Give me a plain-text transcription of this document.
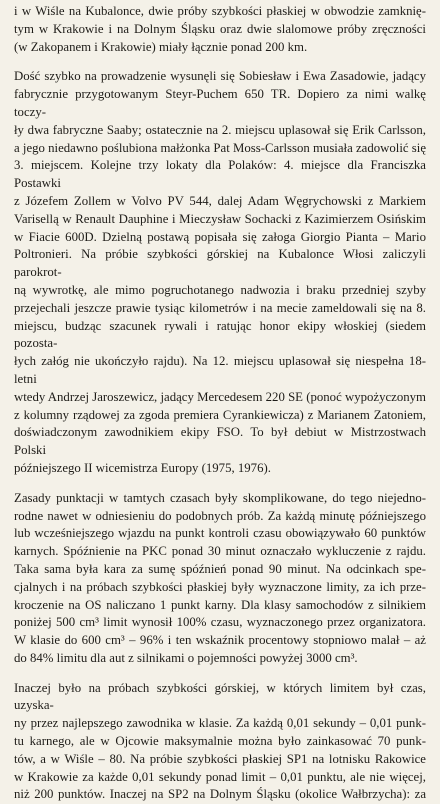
i w Wiśle na Kubalonce, dwie próby szybkości płaskiej w obwodzie zamknię-
tym w Krakowie i na Dolnym Śląsku oraz dwie slalomowe próby zręczności
(w Zakopanem i Krakowie) miały łącznie ponad 200 km.
Dość szybko na prowadzenie wysunęli się Sobiesław i Ewa Zasadowie, jadący
fabrycznie przygotowanym Steyr-Puchem 650 TR. Dopiero za nimi walkę toczy-
ły dwa fabryczne Saaby; ostatecznie na 2. miejscu uplasował się Erik Carlsson,
a jego niedawno poślubiona małżonka Pat Moss-Carlsson musiała zadowolić się
3. miejscem. Kolejne trzy lokaty dla Polaków: 4. miejsce dla Franciszka Postawki
z Józefem Zollem w Volvo PV 544, dalej Adam Węgrychowski z Markiem
Varisellą w Renault Dauphine i Mieczysław Sochacki z Kazimierzem Osińskim
w Fiacie 600D. Dzielną postawą popisała się załoga Giorgio Pianta – Mario
Poltronieri. Na próbie szybkości górskiej na Kubalonce Włosi zaliczyli parokrot-
ną wywrotkę, ale mimo pogruchotanego nadwozia i braku przedniej szyby
przejechali jeszcze prawie tysiąc kilometrów i na mecie zameldowali się na 8.
miejscu, budząc szacunek rywali i ratując honor ekipy włoskiej (siedem pozosta-
łych załóg nie ukończyło rajdu). Na 12. miejscu uplasował się niespełna 18-letni
wtedy Andrzej Jaroszewicz, jadący Mercedesem 220 SE (ponoć wypożyczonym
z kolumny rządowej za zgoda premiera Cyrankiewicza) z Marianem Zatoniem,
doświadczonym zawodnikiem ekipy FSO. To był debiut w Mistrzostwach Polski
późniejszego II wicemistrza Europy (1975, 1976).
Zasady punktacji w tamtych czasach były skomplikowane, do tego niejedno-
rodne nawet w odniesieniu do podobnych prób. Za każdą minutę późniejszego
lub wcześniejszego wjazdu na punkt kontroli czasu obowiązywało 60 punktów
karnych. Spóźnienie na PKC ponad 30 minut oznaczało wykluczenie z rajdu.
Taka sama była kara za sumę spóźnień ponad 90 minut. Na odcinkach spe-
cjalnych i na próbach szybkości płaskiej były wyznaczone limity, za ich prze-
kroczenie na OS naliczano 1 punkt karny. Dla klasy samochodów z silnikiem
poniżej 500 cm³ limit wynosił 100% czasu, wyznaczonego przez organizatora.
W klasie do 600 cm³ – 96% i ten wskaźnik procentowy stopniowo malał – aż
do 84% limitu dla aut z silnikami o pojemności powyżej 3000 cm³.
Inaczej było na próbach szybkości górskiej, w których limitem był czas, uzyska-
ny przez najlepszego zawodnika w klasie. Za każdą 0,01 sekundy – 0,01 punk-
tu karnego, ale w Ojcowie maksymalnie można było zainkasować 70 punk-
tów, a w Wiśle – 80. Na próbie szybkości płaskiej SP1 na lotnisku Rakowice
w Krakowie za każde 0,01 sekundy ponad limit – 0,01 punktu, ale nie więcej,
niż 200 punktów. Inaczej na SP2 na Dolnym Śląsku (okolice Wałbrzycha): za
